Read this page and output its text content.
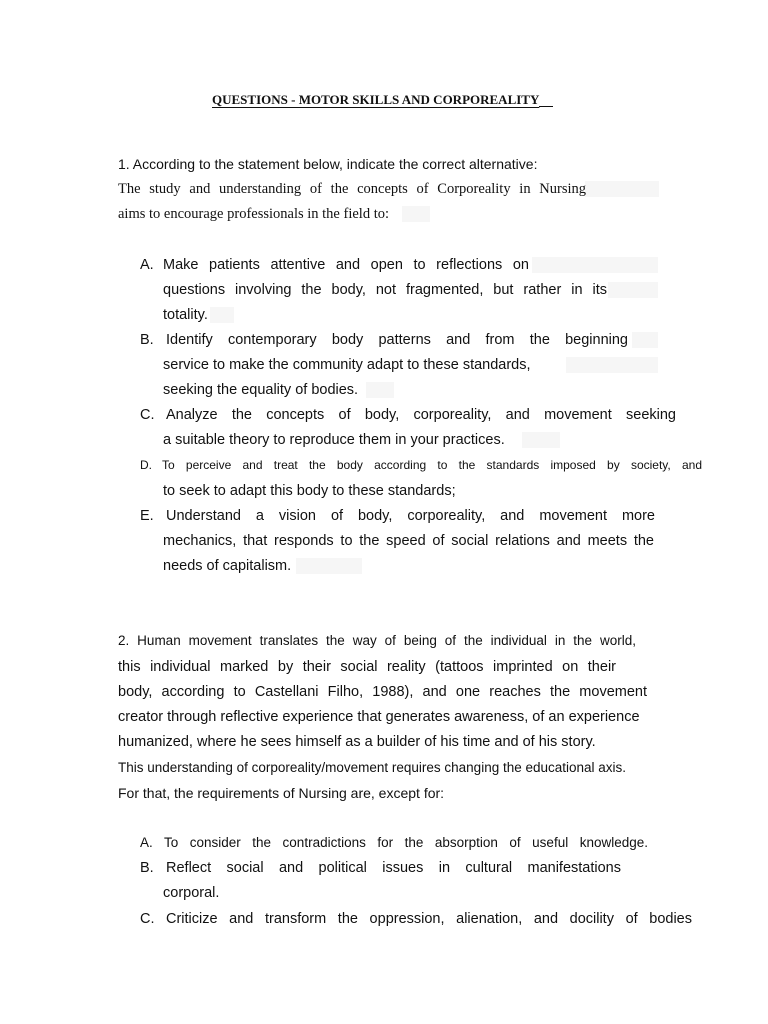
QUESTIONS - MOTOR SKILLS AND CORPOREALITY
1. According to the statement below, indicate the correct alternative:
The study and understanding of the concepts of Corporeality in Nursing
aims to encourage professionals in the field to:
A. Make patients attentive and open to reflections on
questions involving the body, not fragmented, but rather in its
totality.
B. Identify contemporary body patterns and from the beginning
service to make the community adapt to these standards,
seeking the equality of bodies.
C. Analyze the concepts of body, corporeality, and movement seeking
a suitable theory to reproduce them in your practices.
D. To perceive and treat the body according to the standards imposed by society, and
to seek to adapt this body to these standards;
E. Understand a vision of body, corporeality, and movement more
mechanics, that responds to the speed of social relations and meets the
needs of capitalism.
2. Human movement translates the way of being of the individual in the world,
this individual marked by their social reality (tattoos imprinted on their
body, according to Castellani Filho, 1988), and one reaches the movement
creator through reflective experience that generates awareness, of an experience
humanized, where he sees himself as a builder of his time and of his story.
This understanding of corporeality/movement requires changing the educational axis.
For that, the requirements of Nursing are, except for:
A. To consider the contradictions for the absorption of useful knowledge.
B. Reflect social and political issues in cultural manifestations
corporal.
C. Criticize and transform the oppression, alienation, and docility of bodies
